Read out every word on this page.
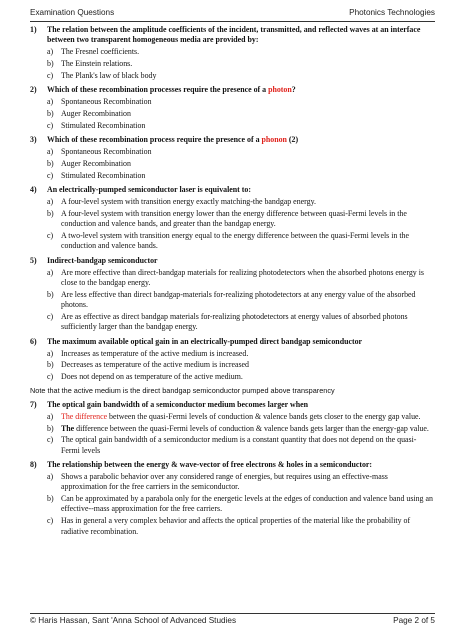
Examination Questions	Photonics Technologies
1)	The relation between the amplitude coefficients of the incident, transmitted, and reflected waves at an interface between two transparent homogeneous media are provided by:
a) The Fresnel coefficients.
b) The Einstein relations.
c) The Plank's law of black body
2)	Which of these recombination processes require the presence of a photon?
a) Spontaneous Recombination
b) Auger Recombination
c) Stimulated Recombination
3)	Which of these recombination process require the presence of a phonon (2)
a) Spontaneous Recombination
b) Auger Recombination
c) Stimulated Recombination
4)	An electrically-pumped semiconductor laser is equivalent to:
a) A four-level system with transition energy exactly matching-the bandgap energy.
b) A four-level system with transition energy lower than the energy difference between quasi-Fermi levels in the conduction and valence bands, and greater than the bandgap energy.
c) A two-level system with transition energy equal to the energy difference between the quasi-Fermi levels in the conduction and valence bands.
5)	Indirect-bandgap semiconductor
a) Are more effective than direct-bandgap materials for realizing photodetectors when the absorbed photons energy is close to the bandgap energy.
b) Are less effective than direct bandgap-materials for-realizing photodetectors at any energy value of the absorbed photons.
c) Are as effective as direct bandgap materials for-realizing photodetectors at energy values of absorbed photons sufficiently larger than the bandgap energy.
6)	The maximum available optical gain in an electrically-pumped direct bandgap semiconductor
a) Increases as temperature of the active medium is increased.
b) Decreases as temperature of the active medium is increased
c) Does not depend on as temperature of the active medium.
Note that the active medium is the direct bandgap semiconductor pumped above transparency
7)	The optical gain bandwidth of a semiconductor medium becomes larger when
a) The difference between the quasi-Fermi levels of conduction & valence bands gets closer to the energy gap value.
b) The difference between the quasi-Fermi levels of conduction & valence bands gets larger than the energy-gap value.
c) The optical gain bandwidth of a semiconductor medium is a constant quantity that does not depend on the quasi-Fermi levels
8)	The relationship between the energy & wave-vector of free electrons & holes in a semiconductor:
a) Shows a parabolic behavior over any considered range of energies, but requires using an effective-mass approximation for the free carriers in the semiconductor.
b) Can be approximated by a parabola only for the energetic levels at the edges of conduction and valence band using an effective--mass approximation for the free carriers.
c) Has in general a very complex behavior and affects the optical properties of the material like the probability of radiative recombination.
© Haris Hassan, Sant 'Anna School of Advanced Studies	Page 2 of 5
